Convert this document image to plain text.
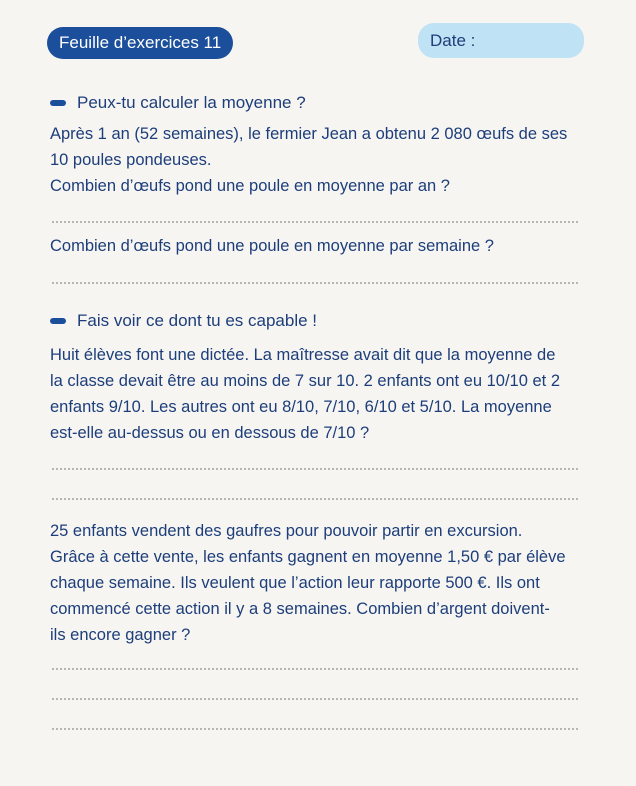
Feuille d’exercices 11	Date :
Peux-tu calculer la moyenne ?
Après 1 an (52 semaines), le fermier Jean a obtenu 2 080 œufs de ses
10 poules pondeuses.
Combien d’œufs pond une poule en moyenne par an ?
Combien d’œufs pond une poule en moyenne par semaine ?
Fais voir ce dont tu es capable !
Huit élèves font une dictée. La maîtresse avait dit que la moyenne de
la classe devait être au moins de 7 sur 10. 2 enfants ont eu 10/10 et 2
enfants 9/10. Les autres ont eu 8/10, 7/10, 6/10 et 5/10. La moyenne
est-elle au-dessus ou en dessous de 7/10 ?
25 enfants vendent des gaufres pour pouvoir partir en excursion.
Grâce à cette vente, les enfants gagnent en moyenne 1,50 € par élève
chaque semaine. Ils veulent que l’action leur rapporte 500 €. Ils ont
commencé cette action il y a 8 semaines. Combien d’argent doivent-
ils encore gagner ?
